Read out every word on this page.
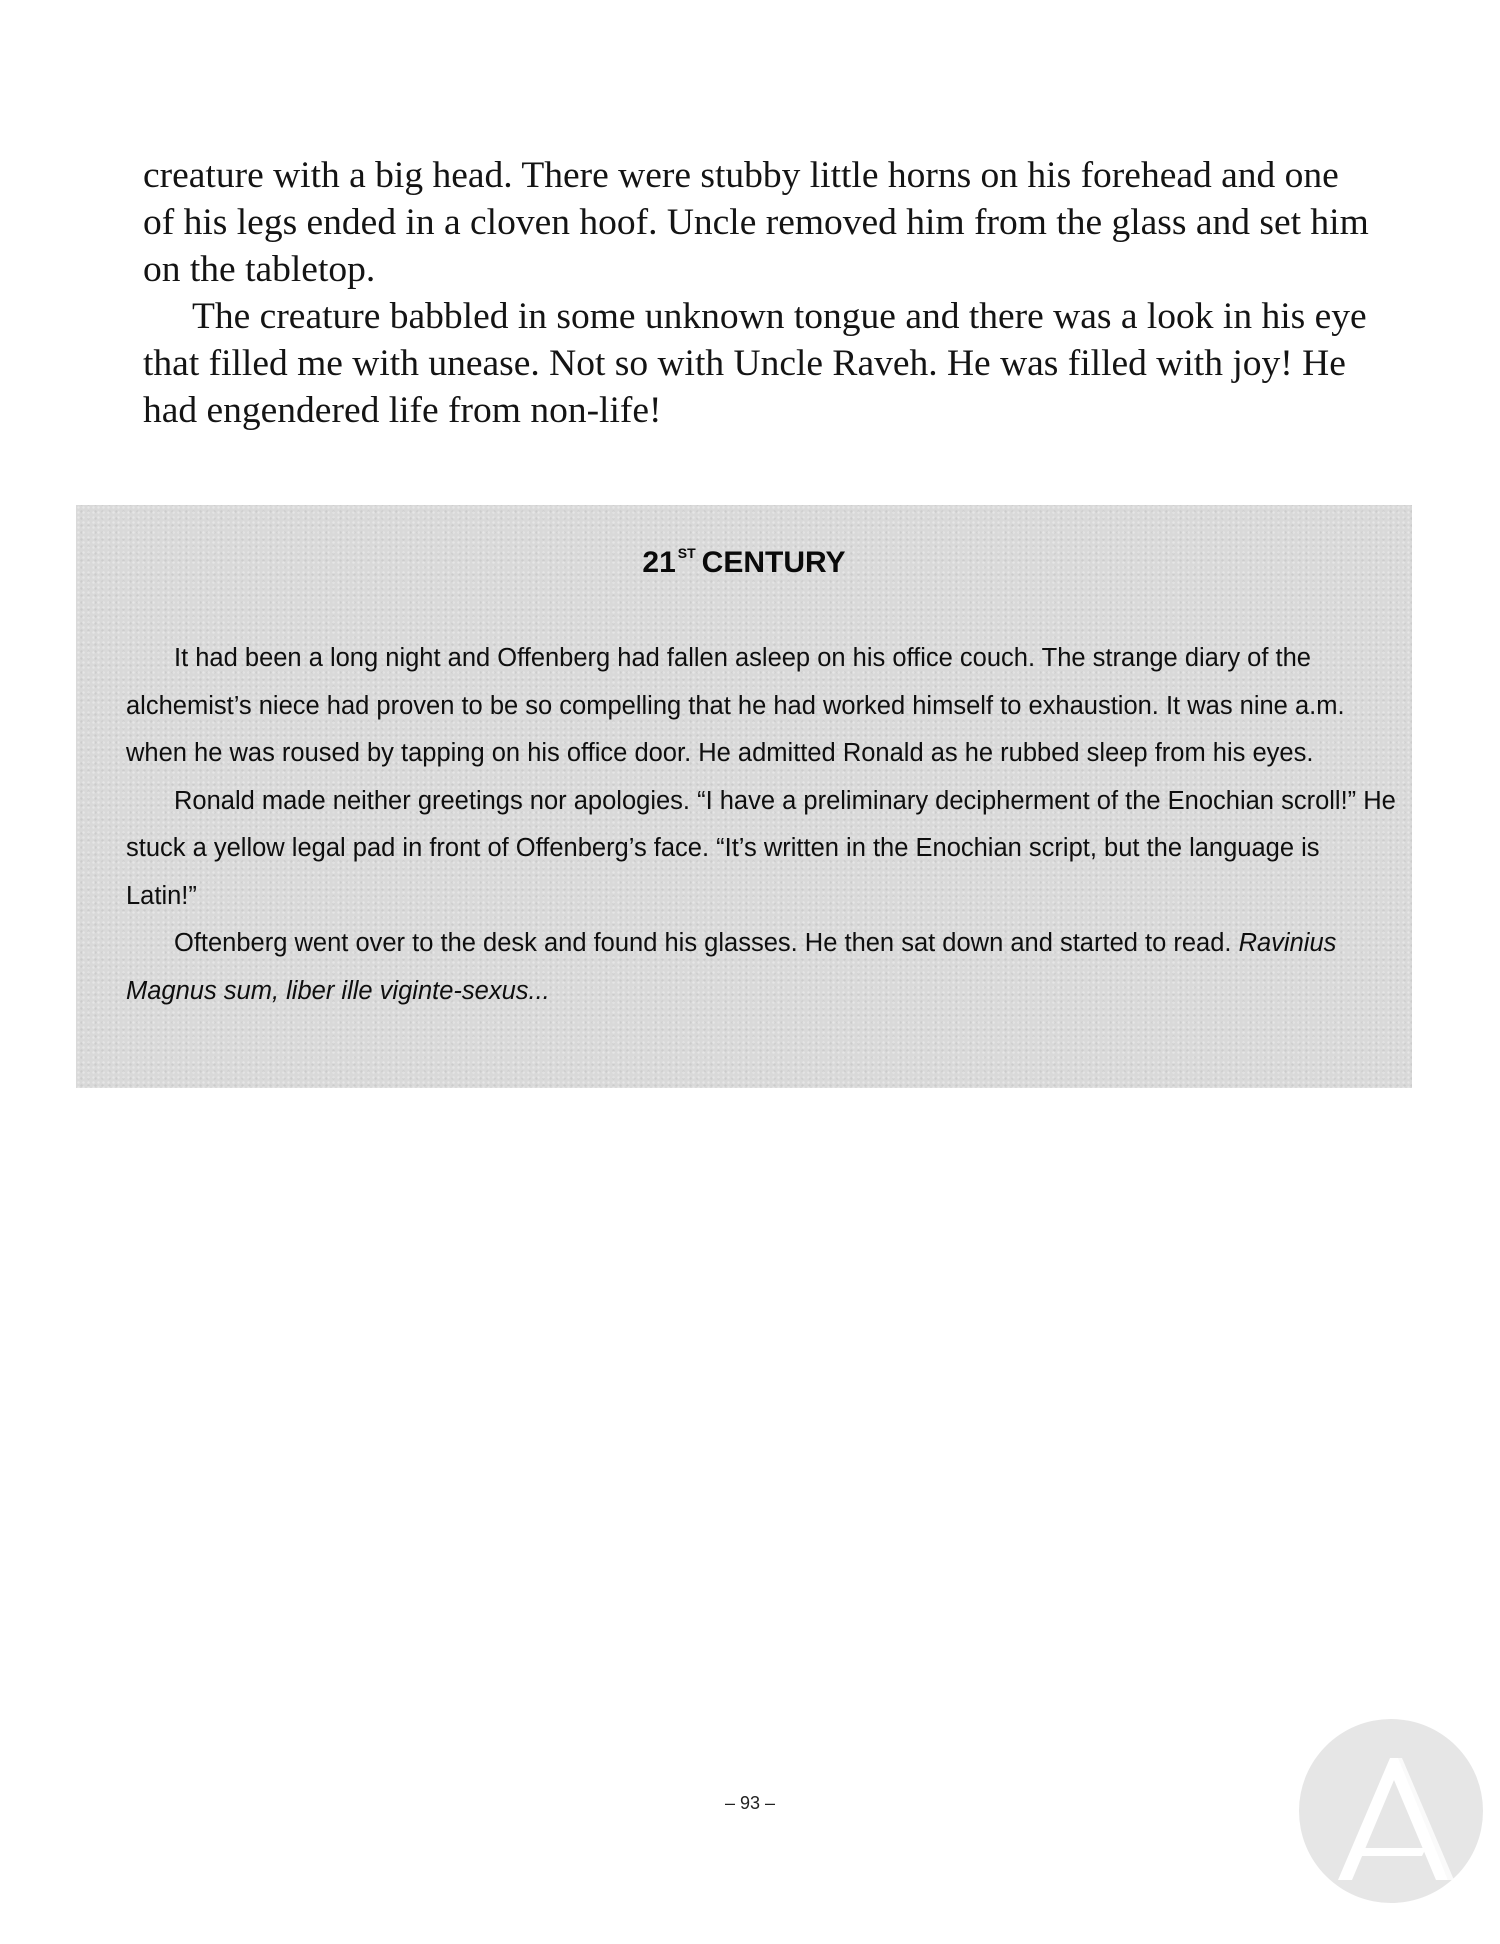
creature with a big head. There were stubby little horns on his forehead and one of his legs ended in a cloven hoof. Uncle removed him from the glass and set him on the tabletop.

The creature babbled in some unknown tongue and there was a look in his eye that filled me with unease. Not so with Uncle Raveh. He was filled with joy! He had engendered life from non-life!

21 $^{ST}$ CENTURY

It had been a long night and Offenberg had fallen asleep on his office couch. The strange diary of the alchemist’s niece had proven to be so compelling that he had worked himself to exhaustion. It was nine a.m. when he was roused by tapping on his office door. He admitted Ronald as he rubbed sleep from his eyes.

Ronald made neither greetings nor apologies. “I have a preliminary decipherment of the Enochian scroll!” He stuck a yellow legal pad in front of Offenberg’s face. “It’s written in the Enochian script, but the language is Latin!”

Oftenberg went over to the desk and found his glasses. He then sat down and started to read. Ravinius Magnus sum, liber ille viginte-sexus...

– 93 –
